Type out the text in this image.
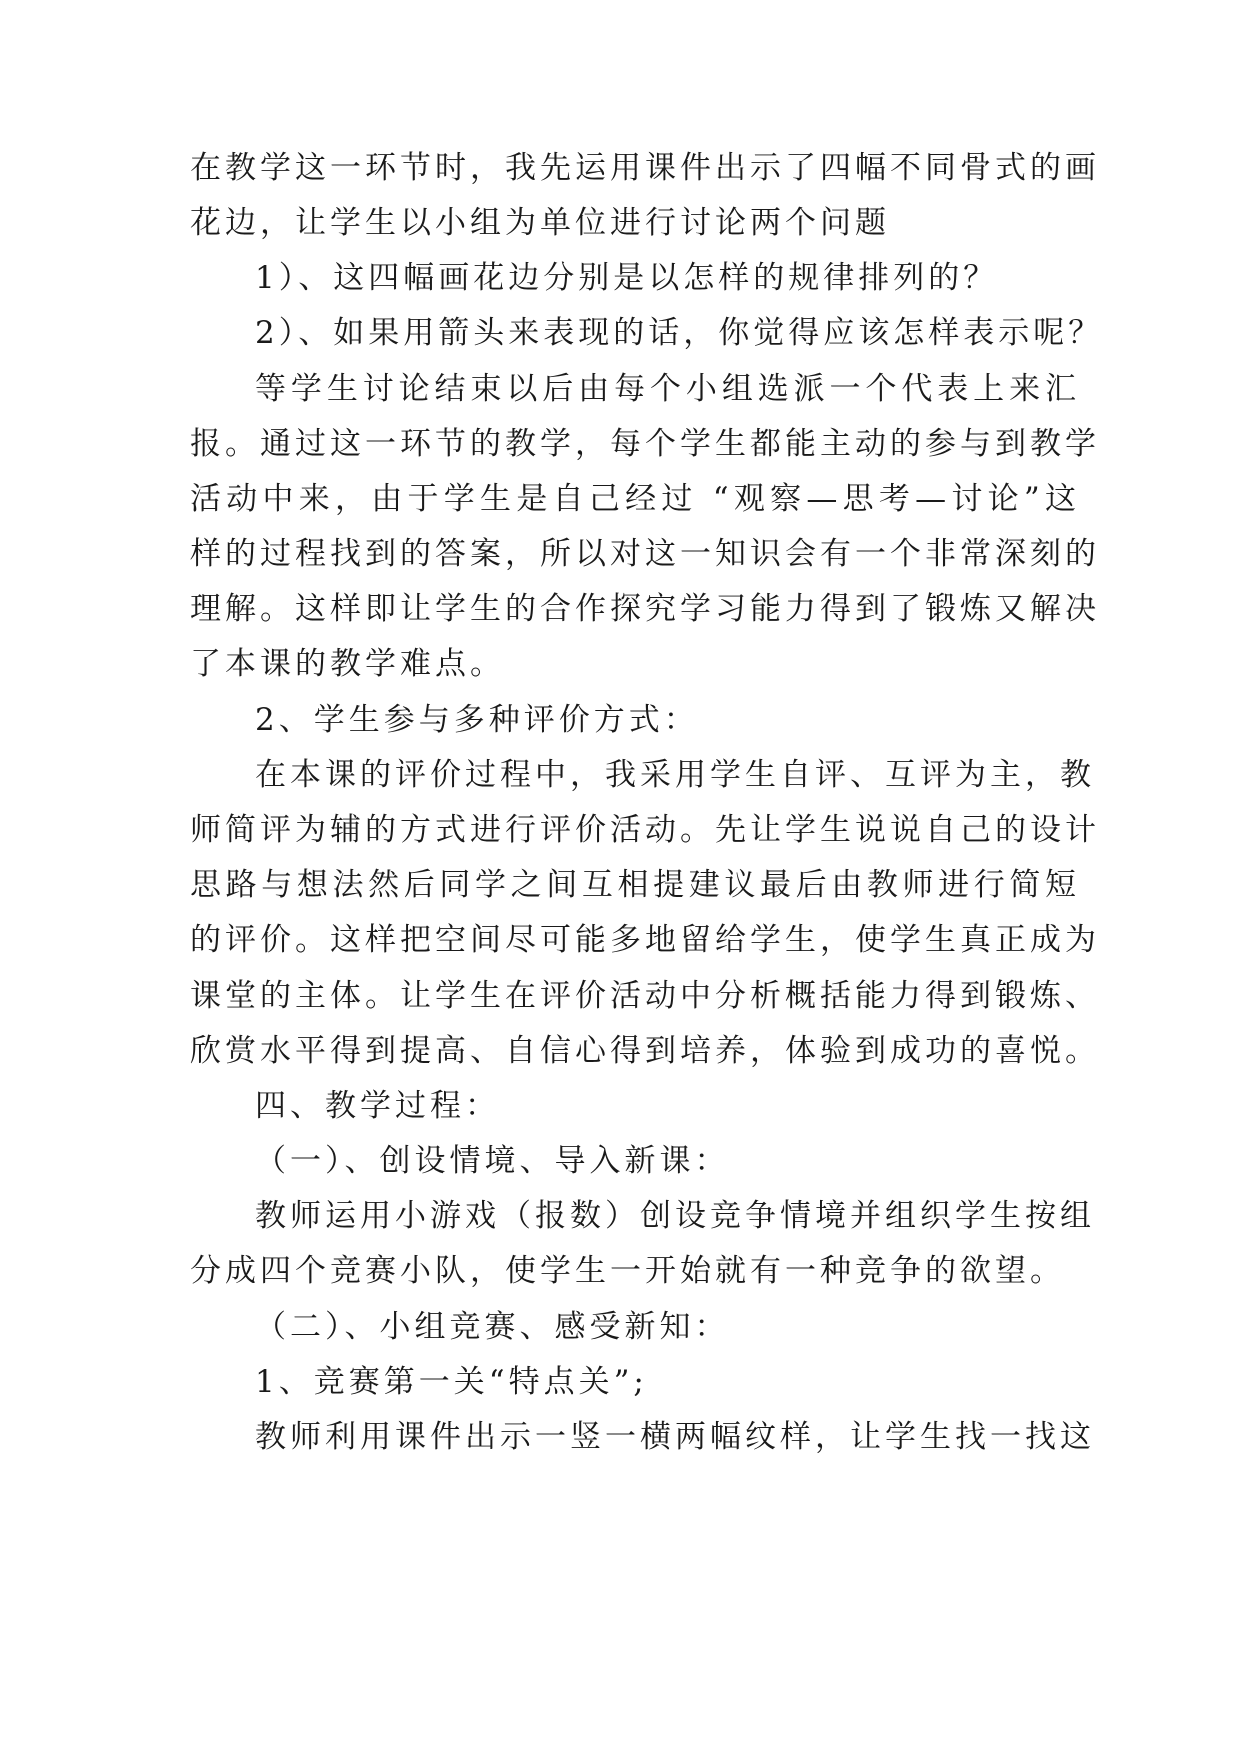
在教学这一环节时，我先运用课件出示了四幅不同骨式的画
花边，让学生以小组为单位进行讨论两个问题
1）、这四幅画花边分别是以怎样的规律排列的？
2）、如果用箭头来表现的话，你觉得应该怎样表示呢？
等学生讨论结束以后由每个小组选派一个代表上来汇
报。通过这一环节的教学，每个学生都能主动的参与到教学
活动中来，由于学生是自己经过 “观察—思考—讨论”这
样的过程找到的答案，所以对这一知识会有一个非常深刻的
理解。这样即让学生的合作探究学习能力得到了锻炼又解决
了本课的教学难点。
2、学生参与多种评价方式：
在本课的评价过程中，我采用学生自评、互评为主，教
师简评为辅的方式进行评价活动。先让学生说说自己的设计
思路与想法然后同学之间互相提建议最后由教师进行简短
的评价。这样把空间尽可能多地留给学生，使学生真正成为
课堂的主体。让学生在评价活动中分析概括能力得到锻炼、
欣赏水平得到提高、自信心得到培养，体验到成功的喜悦。
四、教学过程：
（一）、创设情境、导入新课：
教师运用小游戏（报数）创设竞争情境并组织学生按组
分成四个竞赛小队，使学生一开始就有一种竞争的欲望。
（二）、小组竞赛、感受新知：
1、竞赛第一关“特点关”;
教师利用课件出示一竖一横两幅纹样，让学生找一找这
